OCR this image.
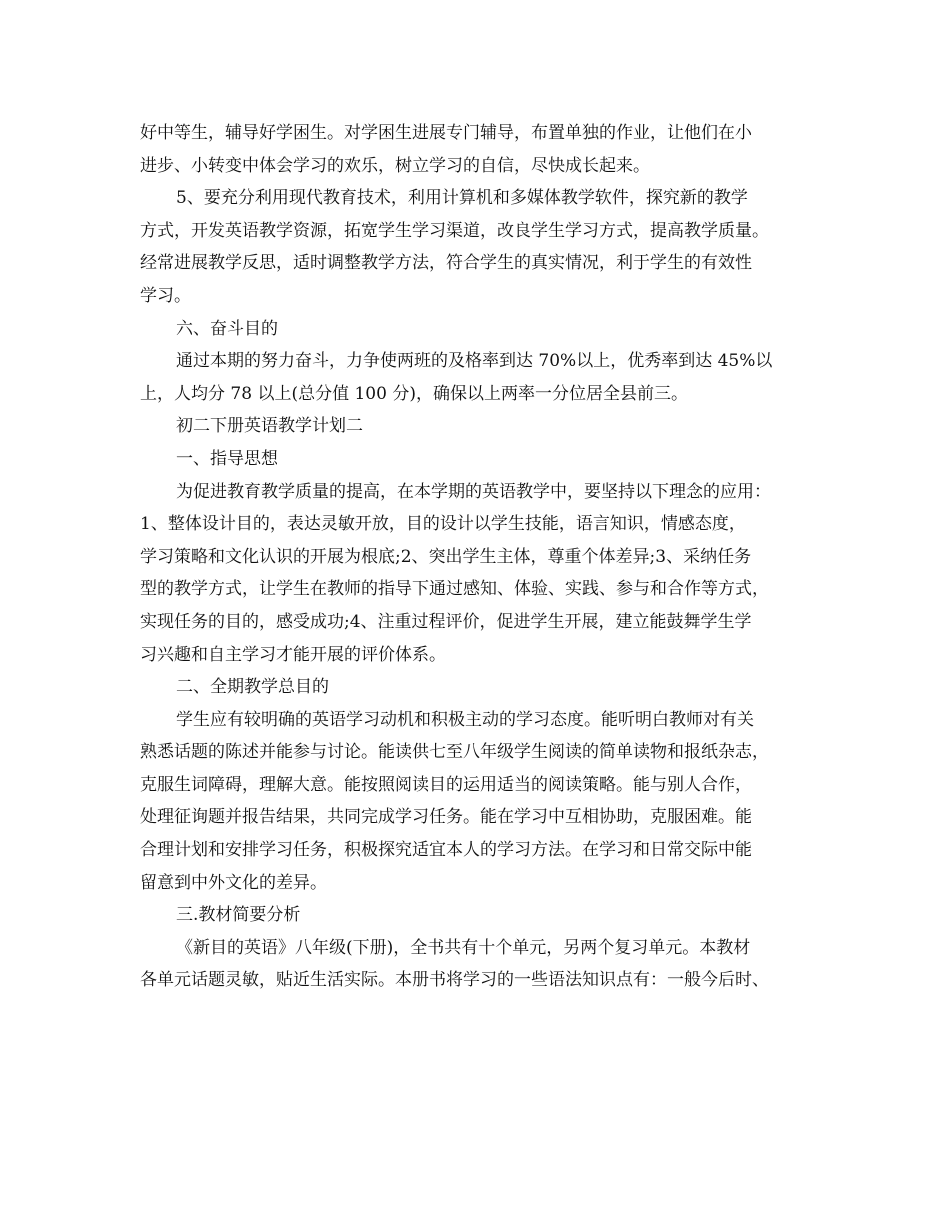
好中等生，辅导好学困生。对学困生进展专门辅导，布置单独的作业，让他们在小
进步、小转变中体会学习的欢乐，树立学习的自信，尽快成长起来。
5、要充分利用现代教育技术，利用计算机和多媒体教学软件，探究新的教学
方式，开发英语教学资源，拓宽学生学习渠道，改良学生学习方式，提高教学质量。
经常进展教学反思，适时调整教学方法，符合学生的真实情况，利于学生的有效性
学习。
六、奋斗目的
通过本期的努力奋斗，力争使两班的及格率到达 70%以上，优秀率到达 45%以
上，人均分 78 以上(总分值 100 分)，确保以上两率一分位居全县前三。
初二下册英语教学计划二
一、指导思想
为促进教育教学质量的提高，在本学期的英语教学中，要坚持以下理念的应用：
1、整体设计目的，表达灵敏开放，目的设计以学生技能，语言知识，情感态度，
学习策略和文化认识的开展为根底;2、突出学生主体，尊重个体差异;3、采纳任务
型的教学方式，让学生在教师的指导下通过感知、体验、实践、参与和合作等方式，
实现任务的目的，感受成功;4、注重过程评价，促进学生开展，建立能鼓舞学生学
习兴趣和自主学习才能开展的评价体系。
二、全期教学总目的
学生应有较明确的英语学习动机和积极主动的学习态度。能听明白教师对有关
熟悉话题的陈述并能参与讨论。能读供七至八年级学生阅读的简单读物和报纸杂志，
克服生词障碍，理解大意。能按照阅读目的运用适当的阅读策略。能与别人合作，
处理征询题并报告结果，共同完成学习任务。能在学习中互相协助，克服困难。能
合理计划和安排学习任务，积极探究适宜本人的学习方法。在学习和日常交际中能
留意到中外文化的差异。
三.教材简要分析
《新目的英语》八年级(下册)，全书共有十个单元，另两个复习单元。本教材
各单元话题灵敏，贴近生活实际。本册书将学习的一些语法知识点有：一般今后时、
